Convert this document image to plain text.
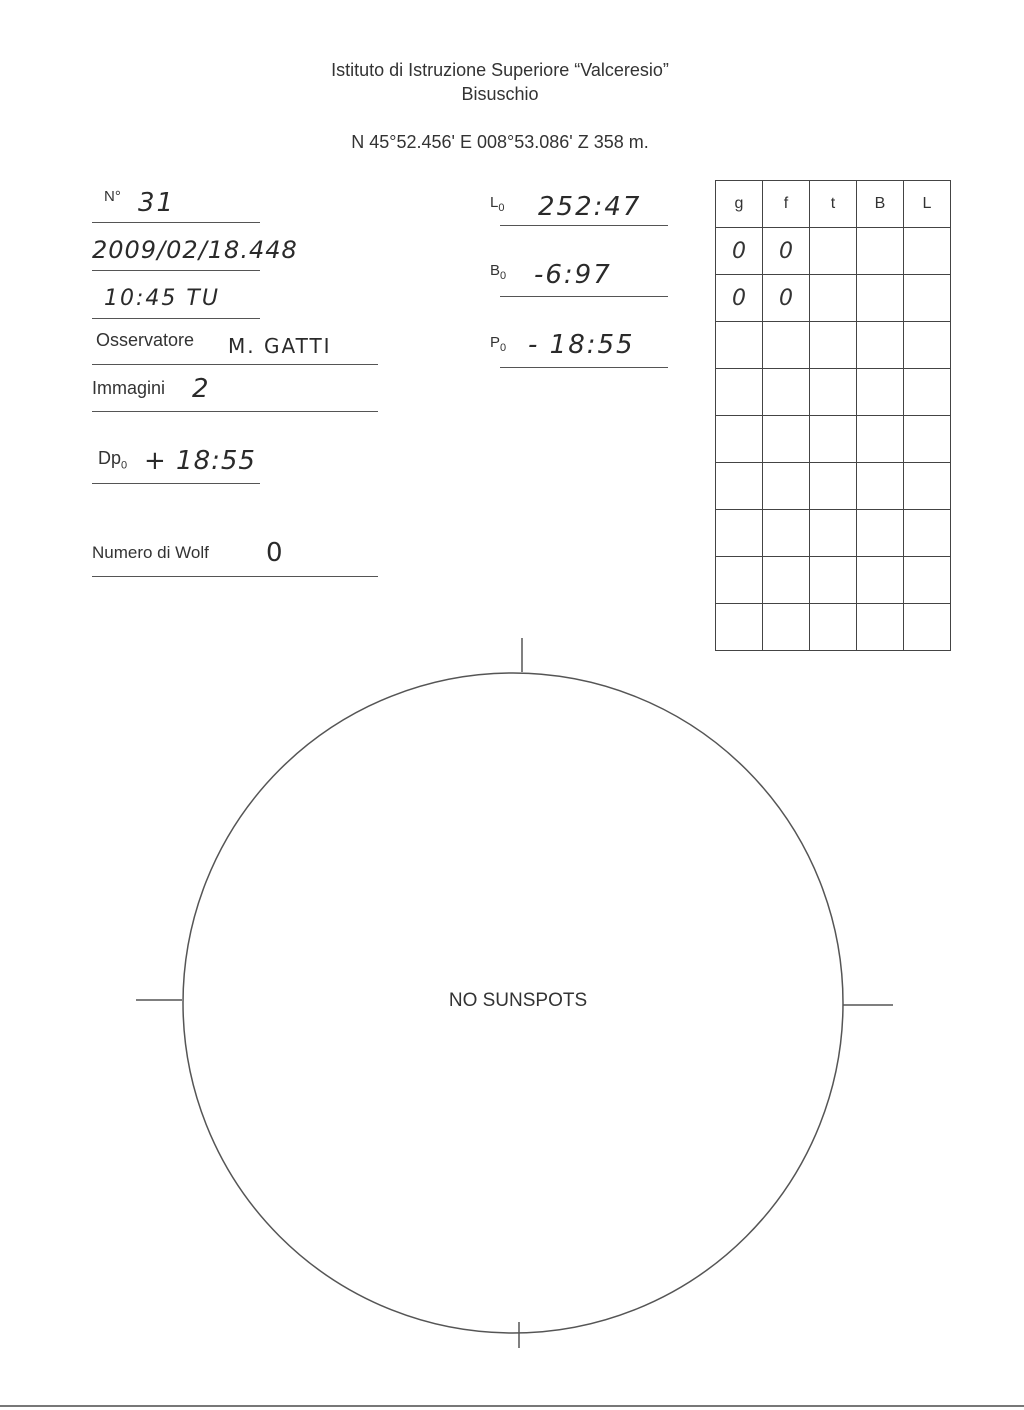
Istituto di Istruzione Superiore “Valceresio”
Bisuschio
N 45°52.456' E 008°53.086' Z 358 m.
N° 31
2009/02/18.448
10:45 TU
Osservatore M. GATTI
Immagini 2
$Dp_0$ + 18:55
Numero di Wolf 0
$L_0$ 252:47
$B_0$ -6:97
$P_0$ - 18:55
g	f	t	B	L
0	0			
0	0			

NO SUNSPOTS
